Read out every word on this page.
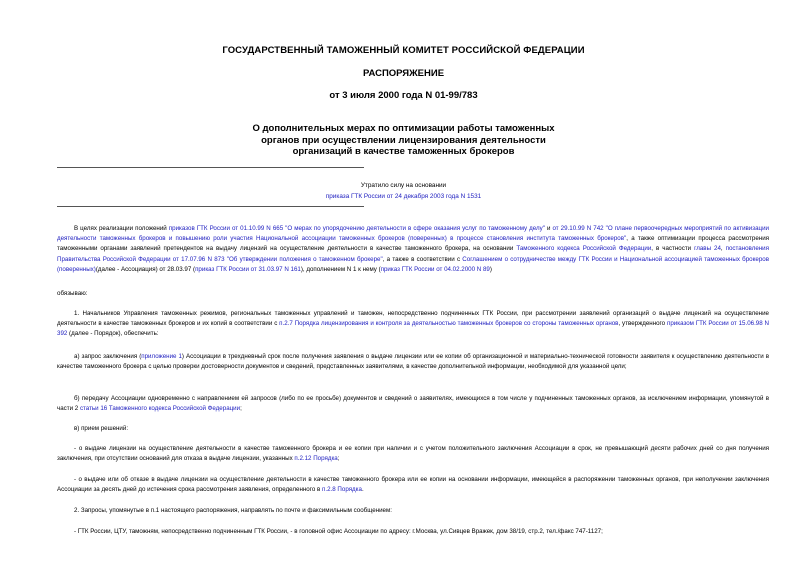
ГОСУДАРСТВЕННЫЙ ТАМОЖЕННЫЙ КОМИТЕТ РОССИЙСКОЙ ФЕДЕРАЦИИ
РАСПОРЯЖЕНИЕ
от 3 июля 2000 года N 01-99/783
О дополнительных мерах по оптимизации работы таможенных
органов при осуществлении лицензирования деятельности
организаций в качестве таможенных брокеров
Утратило силу на основании
приказа ГТК России от 24 декабря 2003 года N 1531

В целях реализации положений приказов ГТК России от 01.10.99 N 665 "О мерах по упорядочению деятельности в сфере оказания услуг по таможенному делу" и от 29.10.99 N 742 "О плане первоочередных мероприятий по активизации деятельности таможенных брокеров и повышению роли участия Национальной ассоциации таможенных брокеров (поверенных) в процессе становления института таможенных брокеров", а также оптимизации процесса рассмотрения таможенными органами заявлений претендентов на выдачу лицензий на осуществление деятельности в качестве таможенного брокера, на основании Таможенного кодекса Российской Федерации, в частности главы 24, постановления Правительства Российской Федерации от 17.07.96 N 873 "Об утверждении положения о таможенном брокере", а также в соответствии с Соглашением о сотрудничестве между ГТК России и Национальной ассоциацией таможенных брокеров (поверенных)(далее - Ассоциация) от 28.03.97 (приказ ГТК России от 31.03.97 N 161), дополнением N 1 к нему (приказ ГТК России от 04.02.2000 N 89)

обязываю:

1. Начальников Управления таможенных режимов, региональных таможенных управлений и таможен, непосредственно подчиненных ГТК России, при рассмотрении заявлений организаций о выдаче лицензий на осуществление деятельности в качестве таможенных брокеров и их копий в соответствии с п.2.7 Порядка лицензирования и контроля за деятельностью таможенных брокеров со стороны таможенных органов, утвержденного приказом ГТК России от 15.06.98 N 392 (далее - Порядок), обеспечить:

а) запрос заключения (приложение 1) Ассоциации в трехдневный срок после получения заявления о выдаче лицензии или ее копии об организационной и материально-технической готовности заявителя к осуществлению деятельности в качестве таможенного брокера с целью проверки достоверности документов и сведений, представленных заявителями, в качестве дополнительной информации, необходимой для указанной цели;

б) передачу Ассоциации одновременно с направлением ей запросов (либо по ее просьбе) документов и сведений о заявителях, имеющихся в том числе у подчиненных таможенных органов, за исключением информации, упомянутой в части 2 статьи 16 Таможенного кодекса Российской Федерации;

в) прием решений:

- о выдаче лицензии на осуществление деятельности в качестве таможенного брокера и ее копии при наличии и с учетом положительного заключения Ассоциации в срок, не превышающий десяти рабочих дней со дня получения заключения, при отсутствии оснований для отказа в выдаче лицензии, указанных п.2.12 Порядка;

- о выдаче или об отказе в выдаче лицензии на осуществление деятельности в качестве таможенного брокера или ее копии на основании информации, имеющейся в распоряжении таможенных органов, при неполучении заключения Ассоциации за десять дней до истечения срока рассмотрения заявления, определенного в п.2.8 Порядка.

2. Запросы, упомянутые в п.1 настоящего распоряжения, направлять по почте и факсимильным сообщением:
- ГТК России, ЦТУ, таможням, непосредственно подчиненным ГТК России, - в головной офис Ассоциации по адресу: г.Москва, ул.Сивцев Вражек, дом 38/19, стр.2, тел./факс 747-1127;
